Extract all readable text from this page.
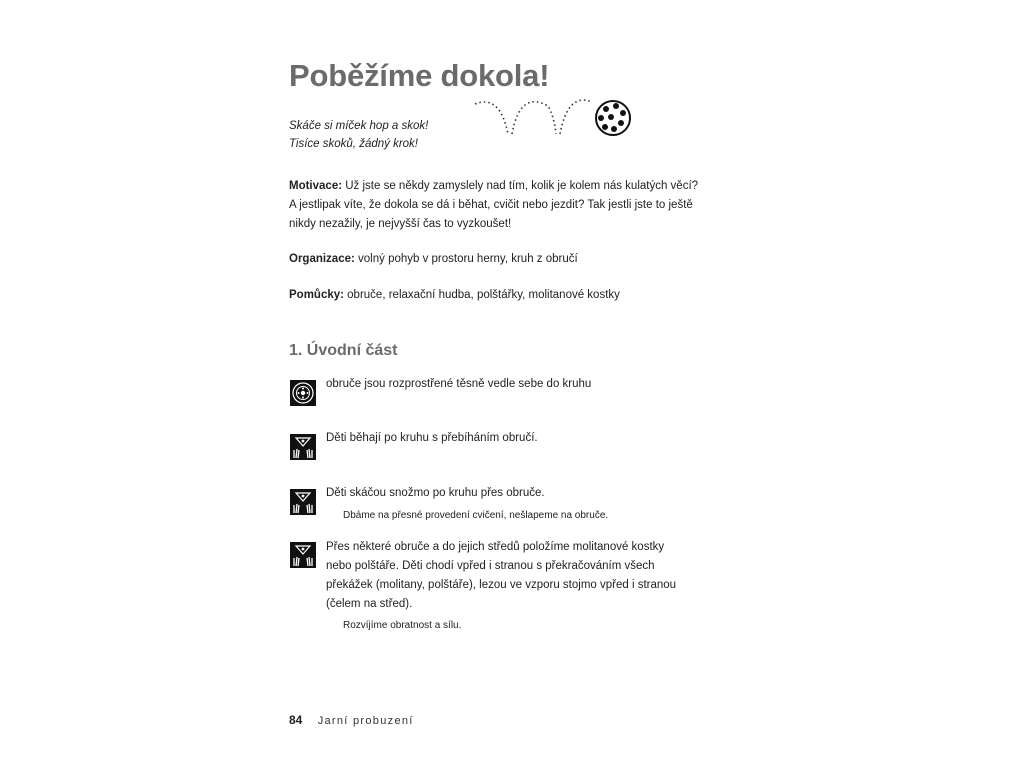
Poběžíme dokola!
Skáče si míček hop a skok!
Tisíce skoků, žádný krok!
Motivace: Už jste se někdy zamyslely nad tím, kolik je kolem nás kulatých věcí?
A jestlipak víte, že dokola se dá i běhat, cvičit nebo jezdit? Tak jestli jste to ještě
nikdy nezažily, je nejvyšší čas to vyzkoušet!
Organizace: volný pohyb v prostoru herny, kruh z obručí
Pomůcky: obruče, relaxační hudba, polštářky, molitanové kostky
1. Úvodní část
obruče jsou rozprostřené těsně vedle sebe do kruhu
Děti běhají po kruhu s přebíháním obručí.
Děti skáčou snožmo po kruhu přes obruče.
Dbáme na přesné provedení cvičení, nešlapeme na obruče.
Přes některé obruče a do jejich středů položíme molitanové kostky
nebo polštáře. Děti chodí vpřed i stranou s překračováním všech
překážek (molitany, polštáře), lezou ve vzporu stojmo vpřed i stranou
(čelem na střed).
Rozvíjíme obratnost a sílu.
84 Jarní probuzení
